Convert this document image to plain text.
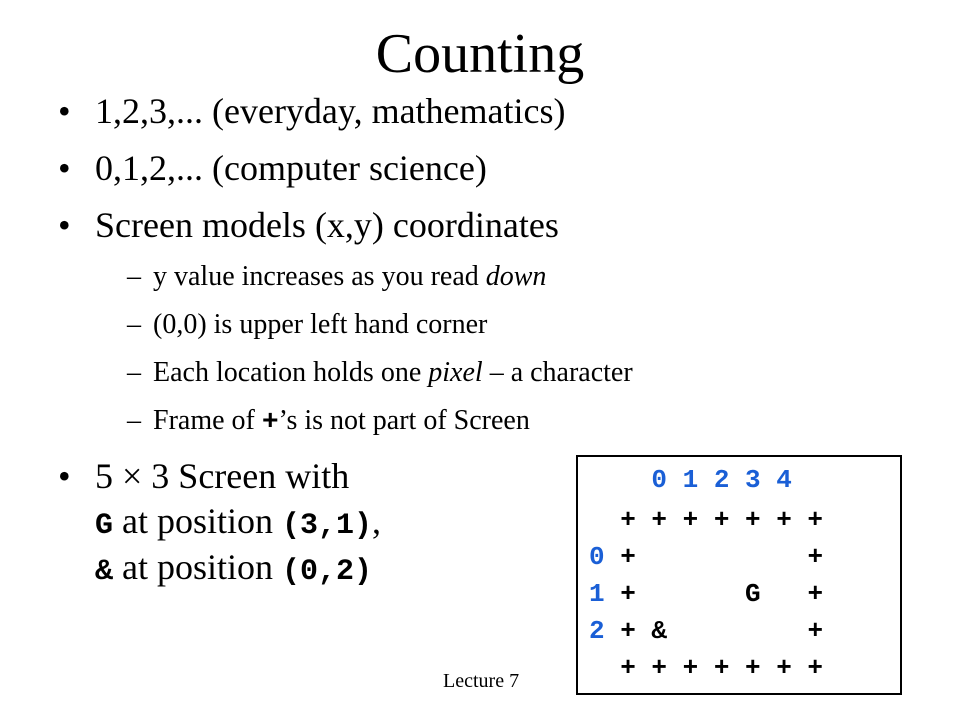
Counting
• 1,2,3,... (everyday, mathematics)
• 0,1,2,... (computer science)
• Screen models (x,y) coordinates
– y value increases as you read down
– (0,0) is upper left hand corner
– Each location holds one pixel – a character
– Frame of +’s is not part of Screen
• 5 × 3 Screen with
G at position (3,1),
& at position (0,2)
0 1 2 3 4
+ + + + + + +
0 +           +
1 +       G   +
2 + &         +
+ + + + + + +
Lecture 7
